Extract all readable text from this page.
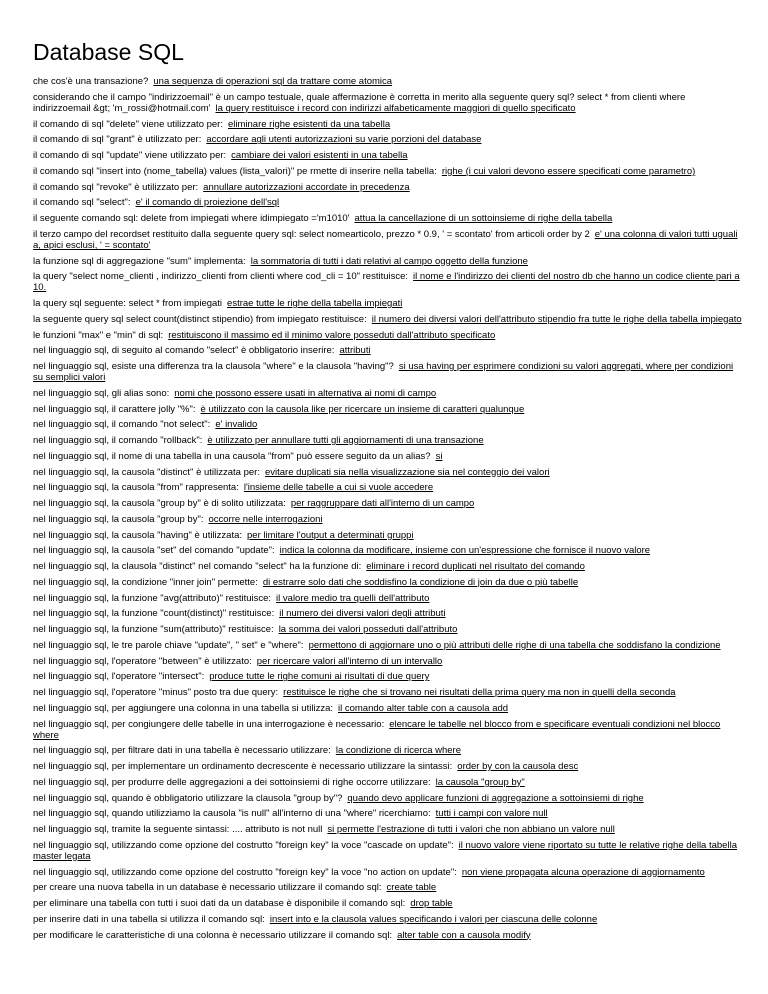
Database SQL
che cos'è una transazione? una sequenza di operazioni sql da trattare come atomica
considerando che il campo "indirizzoemail" è un campo testuale, quale affermazione è corretta in merito alla seguente query sql? select * from clienti where indirizzoemail &gt; 'm_rossi@hotmail.com' la query restituisce i record con indirizzi alfabeticamente maggiori di quello specificato
il comando di sql "delete" viene utilizzato per: eliminare righe esistenti da una tabella
il comando di sql "grant" è utilizzato per: accordare agli utenti autorizzazioni su varie porzioni del database
il comando di sql "update" viene utilizzato per: cambiare dei valori esistenti in una tabella
il comando sql "insert into (nome_tabella) values (lista_valori)" pe rmette di inserire nella tabella: righe (i cui valori devono essere specificati come parametro)
il comando sql "revoke" è utilizzato per: annullare autorizzazioni accordate in precedenza
il comando sql "select": e' il comando di proiezione dell'sql
il seguente comando sql: delete from impiegati where idimpiegato ='m1010' attua la cancellazione di un sottoinsieme di righe della tabella
il terzo campo del recordset restituito dalla seguente query sql: select nomearticolo, prezzo * 0.9, ' = scontato' from articoli order by 2 e' una colonna di valori tutti uguali a, apici esclusi, ' = scontato'
la funzione sql di aggregazione "sum" implementa: la sommatoria di tutti i dati relativi al campo oggetto della funzione
la query "select nome_clienti , indirizzo_clienti from clienti where cod_cli = 10" restituisce: il nome e l'indirizzo dei clienti del nostro db che hanno un codice cliente pari a 10.
la query sql seguente: select * from impiegati estrae tutte le righe della tabella impiegati
la seguente query sql select count(distinct stipendio) from impiegato restituisce: il numero dei diversi valori dell'attributo stipendio fra tutte le righe della tabella impiegato
le funzioni "max" e "min" di sql: restituiscono il massimo ed il minimo valore posseduti dall'attributo specificato
nel linguaggio sql, di seguito al comando "select" è obbligatorio inserire: attributi
nel linguaggio sql, esiste una differenza tra la clausola "where" e la clausola "having"? si usa having per esprimere condizioni su valori aggregati, where per condizioni su semplici valori
nel linguaggio sql, gli alias sono: nomi che possono essere usati in alternativa ai nomi di campo
nel linguaggio sql, il carattere jolly "%": è utilizzato con la causola like per ricercare un insieme di caratteri qualunque
nel linguaggio sql, il comando "not select": e' invalido
nel linguaggio sql, il comando "rollback": è utilizzato per annullare tutti gli aggiornamenti di una transazione
nel linguaggio sql, il nome di una tabella in una causola "from" può essere seguito da un alias? si
nel linguaggio sql, la causola "distinct" è utilizzata per: evitare duplicati sia nella visualizzazione sia nel conteggio dei valori
nel linguaggio sql, la causola "from" rappresenta: l'insieme delle tabelle a cui si vuole accedere
nel linguaggio sql, la causola "group by" è di solito utilizzata: per raggruppare dati all'interno di un campo
nel linguaggio sql, la causola "group by": occorre nelle interrogazioni
nel linguaggio sql, la causola "having" è utilizzata: per limitare l'output a determinati gruppi
nel linguaggio sql, la causola "set" del comando "update": indica la colonna da modificare, insieme con un'espressione che fornisce il nuovo valore
nel linguaggio sql, la clausola "distinct" nel comando "select" ha la funzione di: eliminare i record duplicati nel risultato del comando
nel linguaggio sql, la condizione "inner join" permette: di estrarre solo dati che soddisfino la condizione di join da due o più tabelle
nel linguaggio sql, la funzione "avg(attributo)" restituisce: il valore medio tra quelli dell'attributo
nel linguaggio sql, la funzione "count(distinct)" restituisce: il numero dei diversi valori degli attributi
nel linguaggio sql, la funzione "sum(attributo)" restituisce: la somma dei valori posseduti dall'attributo
nel linguaggio sql, le tre parole chiave "update", " set" e "where": permettono di aggiornare uno o più attributi delle righe di una tabella che soddisfano la condizione
nel linguaggio sql, l'operatore "between" è utilizzato: per ricercare valori all'interno di un intervallo
nel linguaggio sql, l'operatore "intersect": produce tutte le righe comuni ai risultati di due query
nel linguaggio sql, l'operatore "minus" posto tra due query: restituisce le righe che si trovano nei risultati della prima query ma non in quelli della seconda
nel linguaggio sql, per aggiungere una colonna in una tabella si utilizza: il comando alter table con a causola add
nel linguaggio sql, per congiungere delle tabelle in una interrogazione è necessario: elencare le tabelle nel blocco from e specificare eventuali condizioni nel blocco where
nel linguaggio sql, per filtrare dati in una tabella è necessario utilizzare: la condizione di ricerca where
nel linguaggio sql, per implementare un ordinamento decrescente è necessario utilizzare la sintassi: order by con la causola desc
nel linguaggio sql, per produrre delle aggregazioni a dei sottoinsiemi di righe occorre utilizzare: la causola "group by"
nel linguaggio sql, quando è obbligatorio utilizzare la clausola "group by"? quando devo applicare funzioni di aggregazione a sottoinsiemi di righe
nel linguaggio sql, quando utilizziamo la causola "is null" all'interno di una "where" ricerchiamo: tutti i campi con valore null
nel linguaggio sql, tramite la seguente sintassi: .... attributo is not null si permette l'estrazione di tutti i valori che non abbiano un valore null
nel linguaggio sql, utilizzando come opzione del costrutto "foreign key" la voce "cascade on update": il nuovo valore viene riportato su tutte le relative righe della tabella master legata
nel linguaggio sql, utilizzando come opzione del costrutto "foreign key" la voce "no action on update": non viene propagata alcuna operazione di aggiornamento
per creare una nuova tabella in un database è necessario utilizzare il comando sql: create table
per eliminare una tabella con tutti i suoi dati da un database è disponibile il comando sql: drop table
per inserire dati in una tabella si utilizza il comando sql: insert into e la clausola values specificando i valori per ciascuna delle colonne
per modificare le caratteristiche di una colonna è necessario utilizzare il comando sql: alter table con a causola modify
